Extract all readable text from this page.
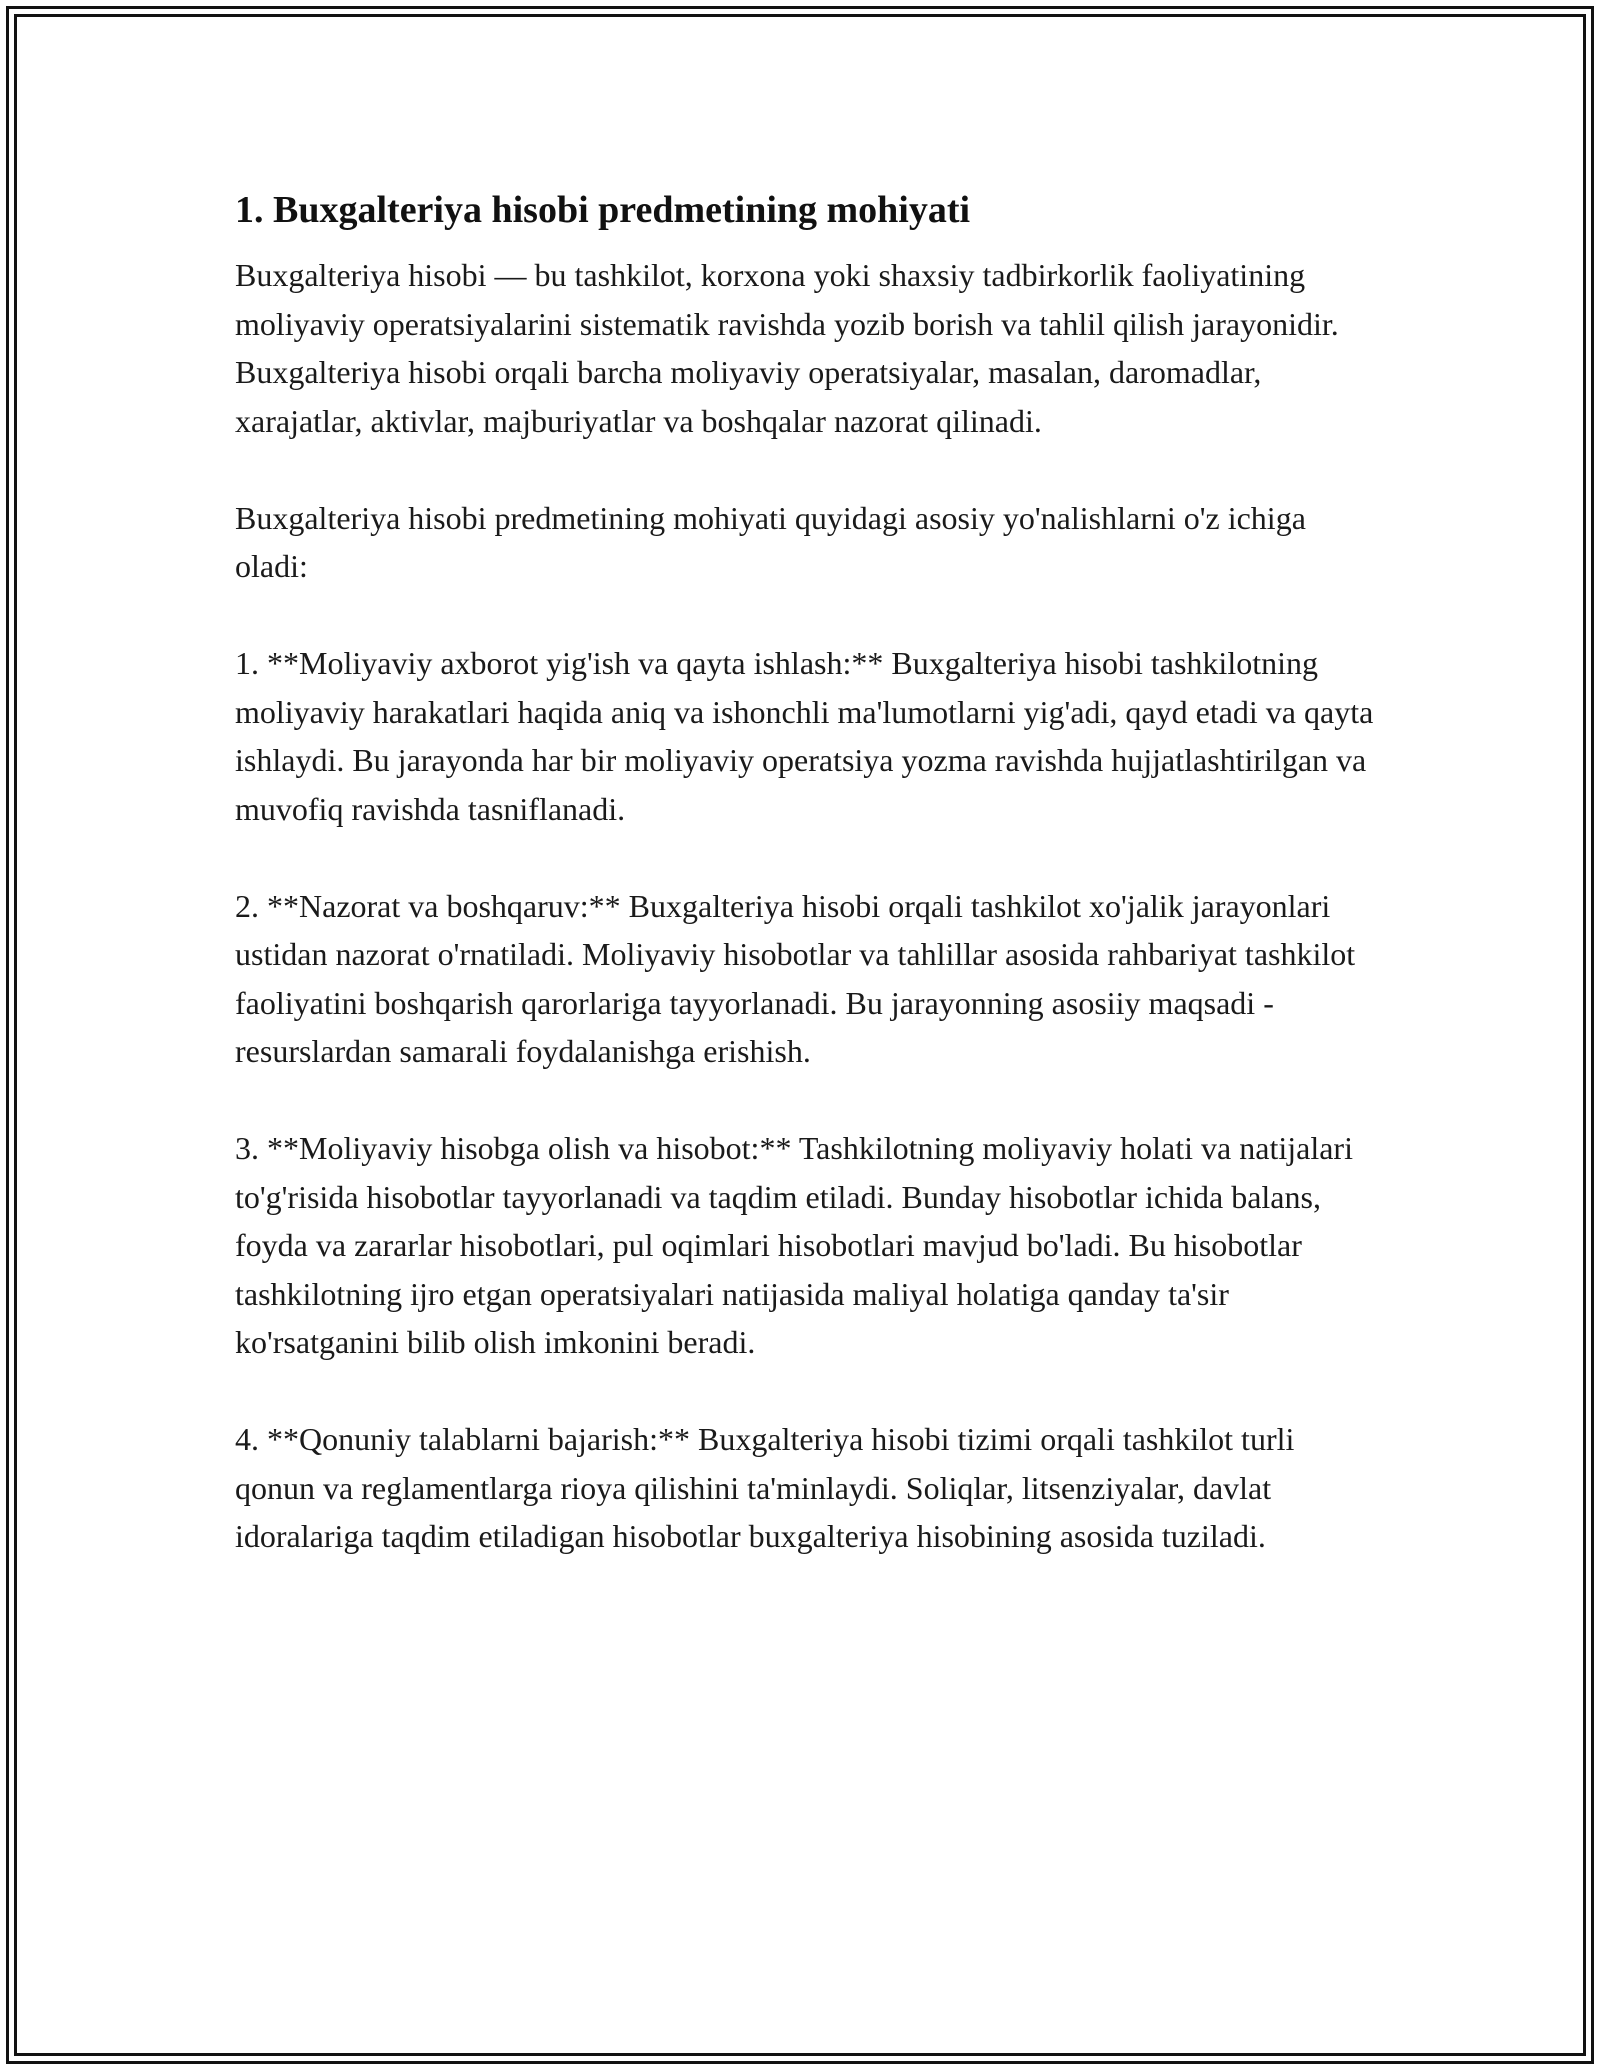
1. Buxgalteriya hisobi predmetining mohiyati

Buxgalteriya hisobi — bu tashkilot, korxona yoki shaxsiy tadbirkorlik faoliyatining moliyaviy operatsiyalarini sistematik ravishda yozib borish va tahlil qilish jarayonidir. Buxgalteriya hisobi orqali barcha moliyaviy operatsiyalar, masalan, daromadlar, xarajatlar, aktivlar, majburiyatlar va boshqalar nazorat qilinadi.

Buxgalteriya hisobi predmetining mohiyati quyidagi asosiy yo'nalishlarni o'z ichiga oladi:

1. **Moliyaviy axborot yig'ish va qayta ishlash:** Buxgalteriya hisobi tashkilotning moliyaviy harakatlari haqida aniq va ishonchli ma'lumotlarni yig'adi, qayd etadi va qayta ishlaydi. Bu jarayonda har bir moliyaviy operatsiya yozma ravishda hujjatlashtirilgan va muvofiq ravishda tasniflanadi.

2. **Nazorat va boshqaruv:** Buxgalteriya hisobi orqali tashkilot xo'jalik jarayonlari ustidan nazorat o'rnatiladi. Moliyaviy hisobotlar va tahlillar asosida rahbariyat tashkilot faoliyatini boshqarish qarorlariga tayyorlanadi. Bu jarayonning asosiiy maqsadi - resurslardan samarali foydalanishga erishish.

3. **Moliyaviy hisobga olish va hisobot:** Tashkilotning moliyaviy holati va natijalari to'g'risida hisobotlar tayyorlanadi va taqdim etiladi. Bunday hisobotlar ichida balans, foyda va zararlar hisobotlari, pul oqimlari hisobotlari mavjud bo'ladi. Bu hisobotlar tashkilotning ijro etgan operatsiyalari natijasida maliyal holatiga qanday ta'sir ko'rsatganini bilib olish imkonini beradi.

4. **Qonuniy talablarni bajarish:** Buxgalteriya hisobi tizimi orqali tashkilot turli qonun va reglamentlarga rioya qilishini ta'minlaydi. Soliqlar, litsenziyalar, davlat idoralariga taqdim etiladigan hisobotlar buxgalteriya hisobining asosida tuziladi.
